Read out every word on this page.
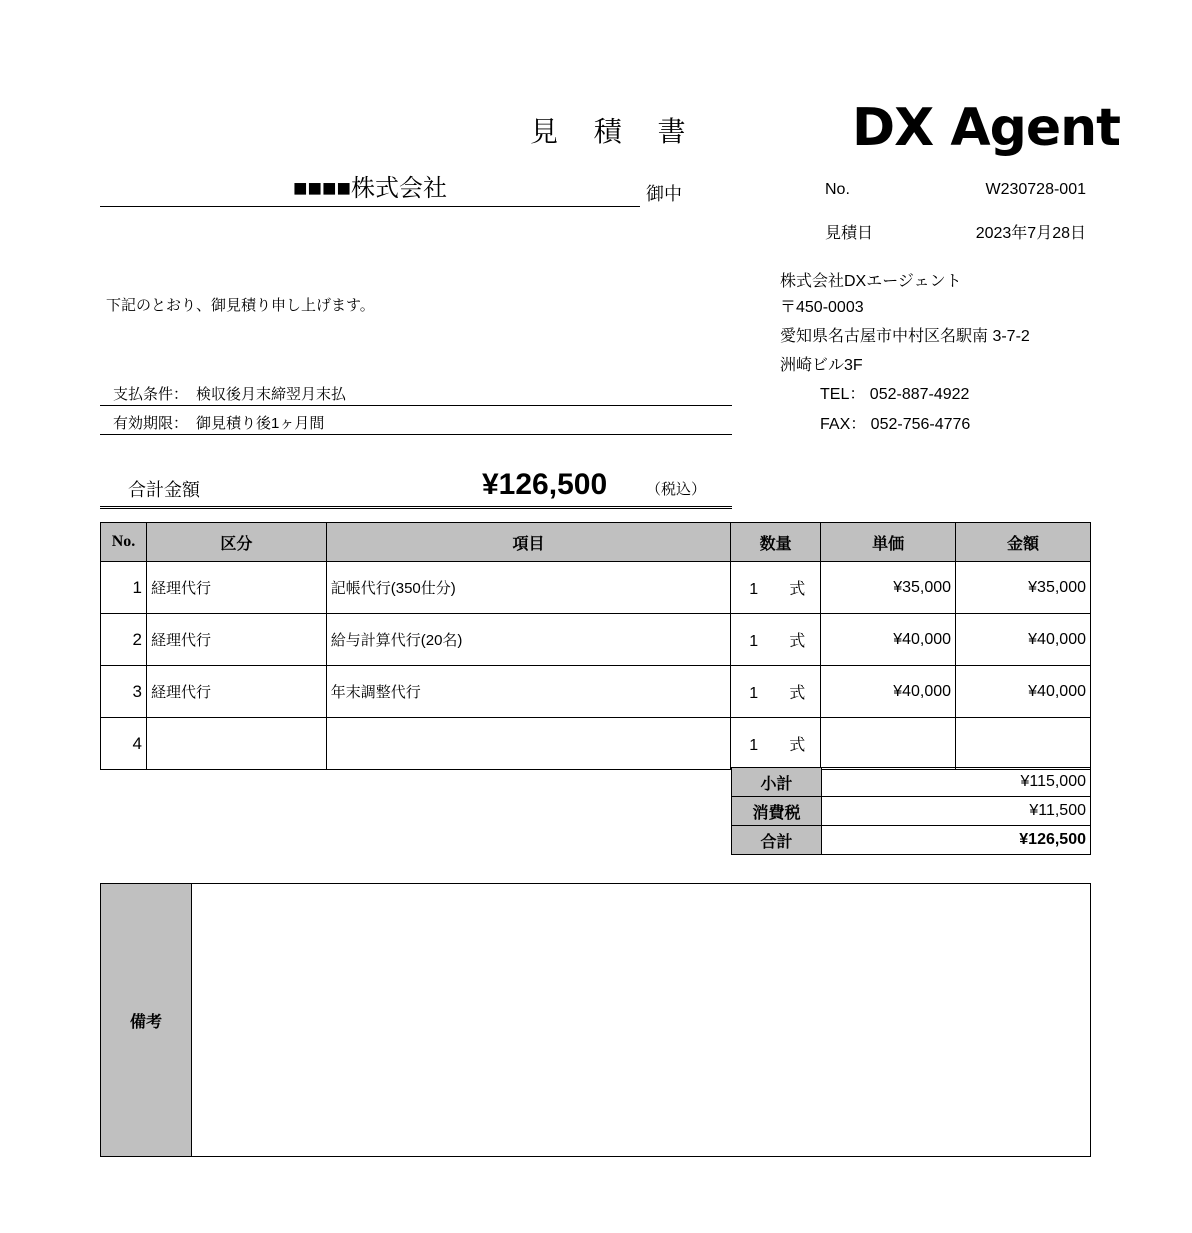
見 積 書	DX Agent
■■■■株式会社	御中	No.	W230728-001
見積日	2023年7月28日
下記のとおり、御見積り申し上げます。
株式会社DXエージェント
〒450-0003
愛知県名古屋市中村区名駅南 3-7-2
洲崎ビル3F
TEL： 052-887-4922
FAX： 052-756-4776
支払条件： 検収後月末締翌月末払
有効期限： 御見積り後1ヶ月間
合計金額	¥126,500	（税込）
No.	区分	項目	数量	単価	金額
1	経理代行	記帳代行(350仕分)	1 式	¥35,000	¥35,000
2	経理代行	給与計算代行(20名)	1 式	¥40,000	¥40,000
3	経理代行	年末調整代行	1 式	¥40,000	¥40,000
4			1 式		
小計	¥115,000
消費税	¥11,500
合計	¥126,500
備考
